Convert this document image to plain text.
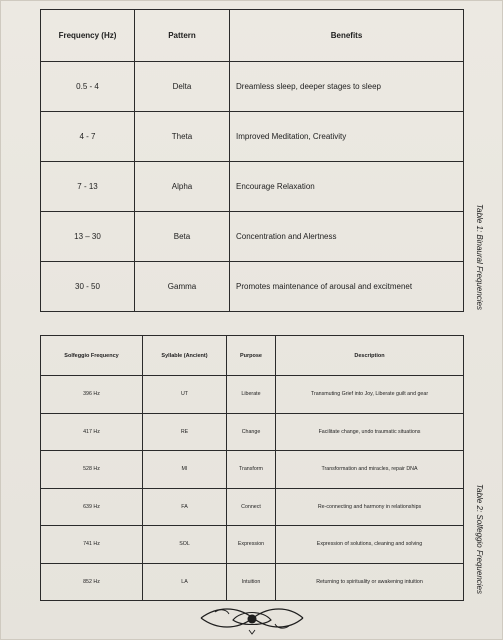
Frequency (Hz)	Pattern	Benefits
0.5 - 4	Delta	Dreamless sleep, deeper stages to sleep
4 - 7	Theta	Improved Meditation, Creativity
7 - 13	Alpha	Encourage Relaxation
13 – 30	Beta	Concentration and Alertness
30 - 50	Gamma	Promotes maintenance of arousal and excitmenet	Table 1: Binaural Frequencies
Solfeggio Frequency	Syllable (Ancient)	Purpose	Description
396 Hz	UT	Liberate	Transmuting Grief into Joy, Liberate guilt and gear
417 Hz	RE	Change	Facilitate change, undo traumatic situations
528 Hz	MI	Transform	Transformation and miracles, repair DNA
639 Hz	FA	Connect	Re-connecting and harmony in relationships
741 Hz	SOL	Expression	Expression of solutions, cleaning and solving
852 Hz	LA	Intuition	Returning to spirituality or awakening intuition	Table 2: Solfeggio Frequencies
